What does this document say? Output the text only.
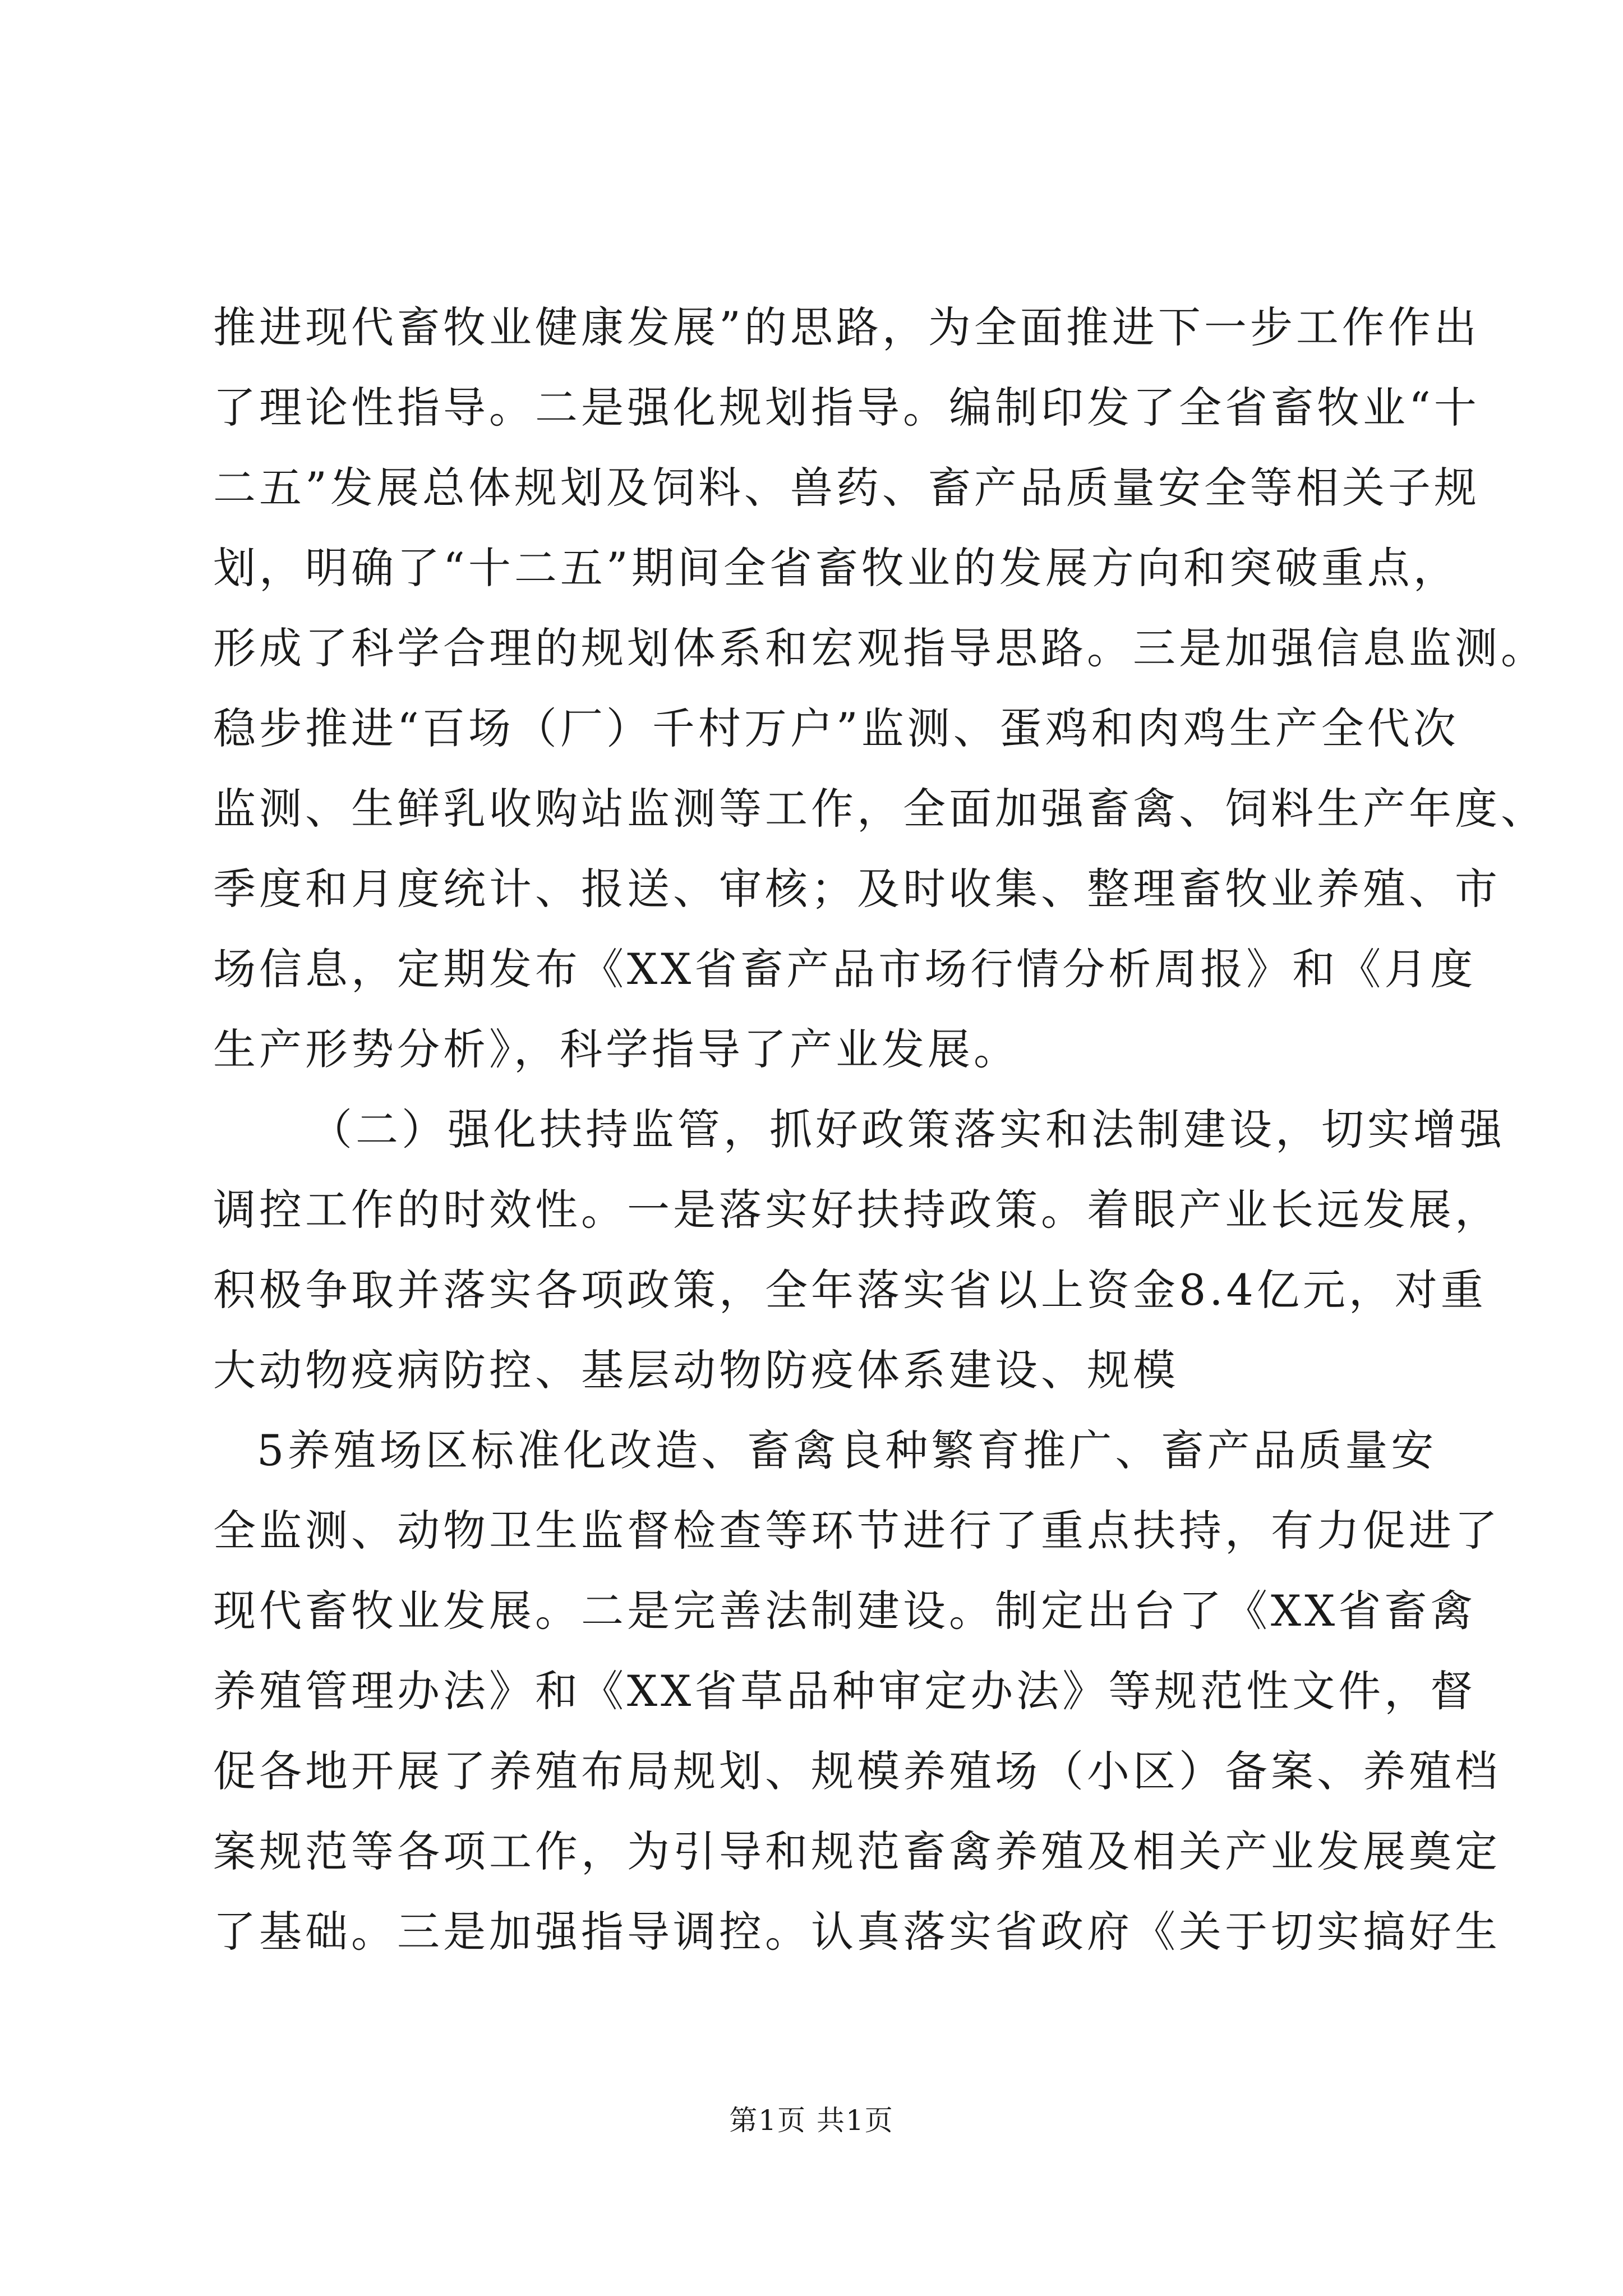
推进现代畜牧业健康发展”的思路，为全面推进下一步工作作出
了理论性指导。二是强化规划指导。编制印发了全省畜牧业“十
二五”发展总体规划及饲料、兽药、畜产品质量安全等相关子规
划，明确了“十二五”期间全省畜牧业的发展方向和突破重点，
形成了科学合理的规划体系和宏观指导思路。三是加强信息监测。
稳步推进“百场（厂）千村万户”监测、蛋鸡和肉鸡生产全代次
监测、生鲜乳收购站监测等工作，全面加强畜禽、饲料生产年度、
季度和月度统计、报送、审核；及时收集、整理畜牧业养殖、市
场信息，定期发布《XX省畜产品市场行情分析周报》和《月度
生产形势分析》，科学指导了产业发展。
（二）强化扶持监管，抓好政策落实和法制建设，切实增强
调控工作的时效性。一是落实好扶持政策。着眼产业长远发展，
积极争取并落实各项政策，全年落实省以上资金8.4亿元，对重
大动物疫病防控、基层动物防疫体系建设、规模
5养殖场区标准化改造、畜禽良种繁育推广、畜产品质量安
全监测、动物卫生监督检查等环节进行了重点扶持，有力促进了
现代畜牧业发展。二是完善法制建设。制定出台了《XX省畜禽
养殖管理办法》和《XX省草品种审定办法》等规范性文件，督
促各地开展了养殖布局规划、规模养殖场（小区）备案、养殖档
案规范等各项工作，为引导和规范畜禽养殖及相关产业发展奠定
了基础。三是加强指导调控。认真落实省政府《关于切实搞好生
第1页 共1页
